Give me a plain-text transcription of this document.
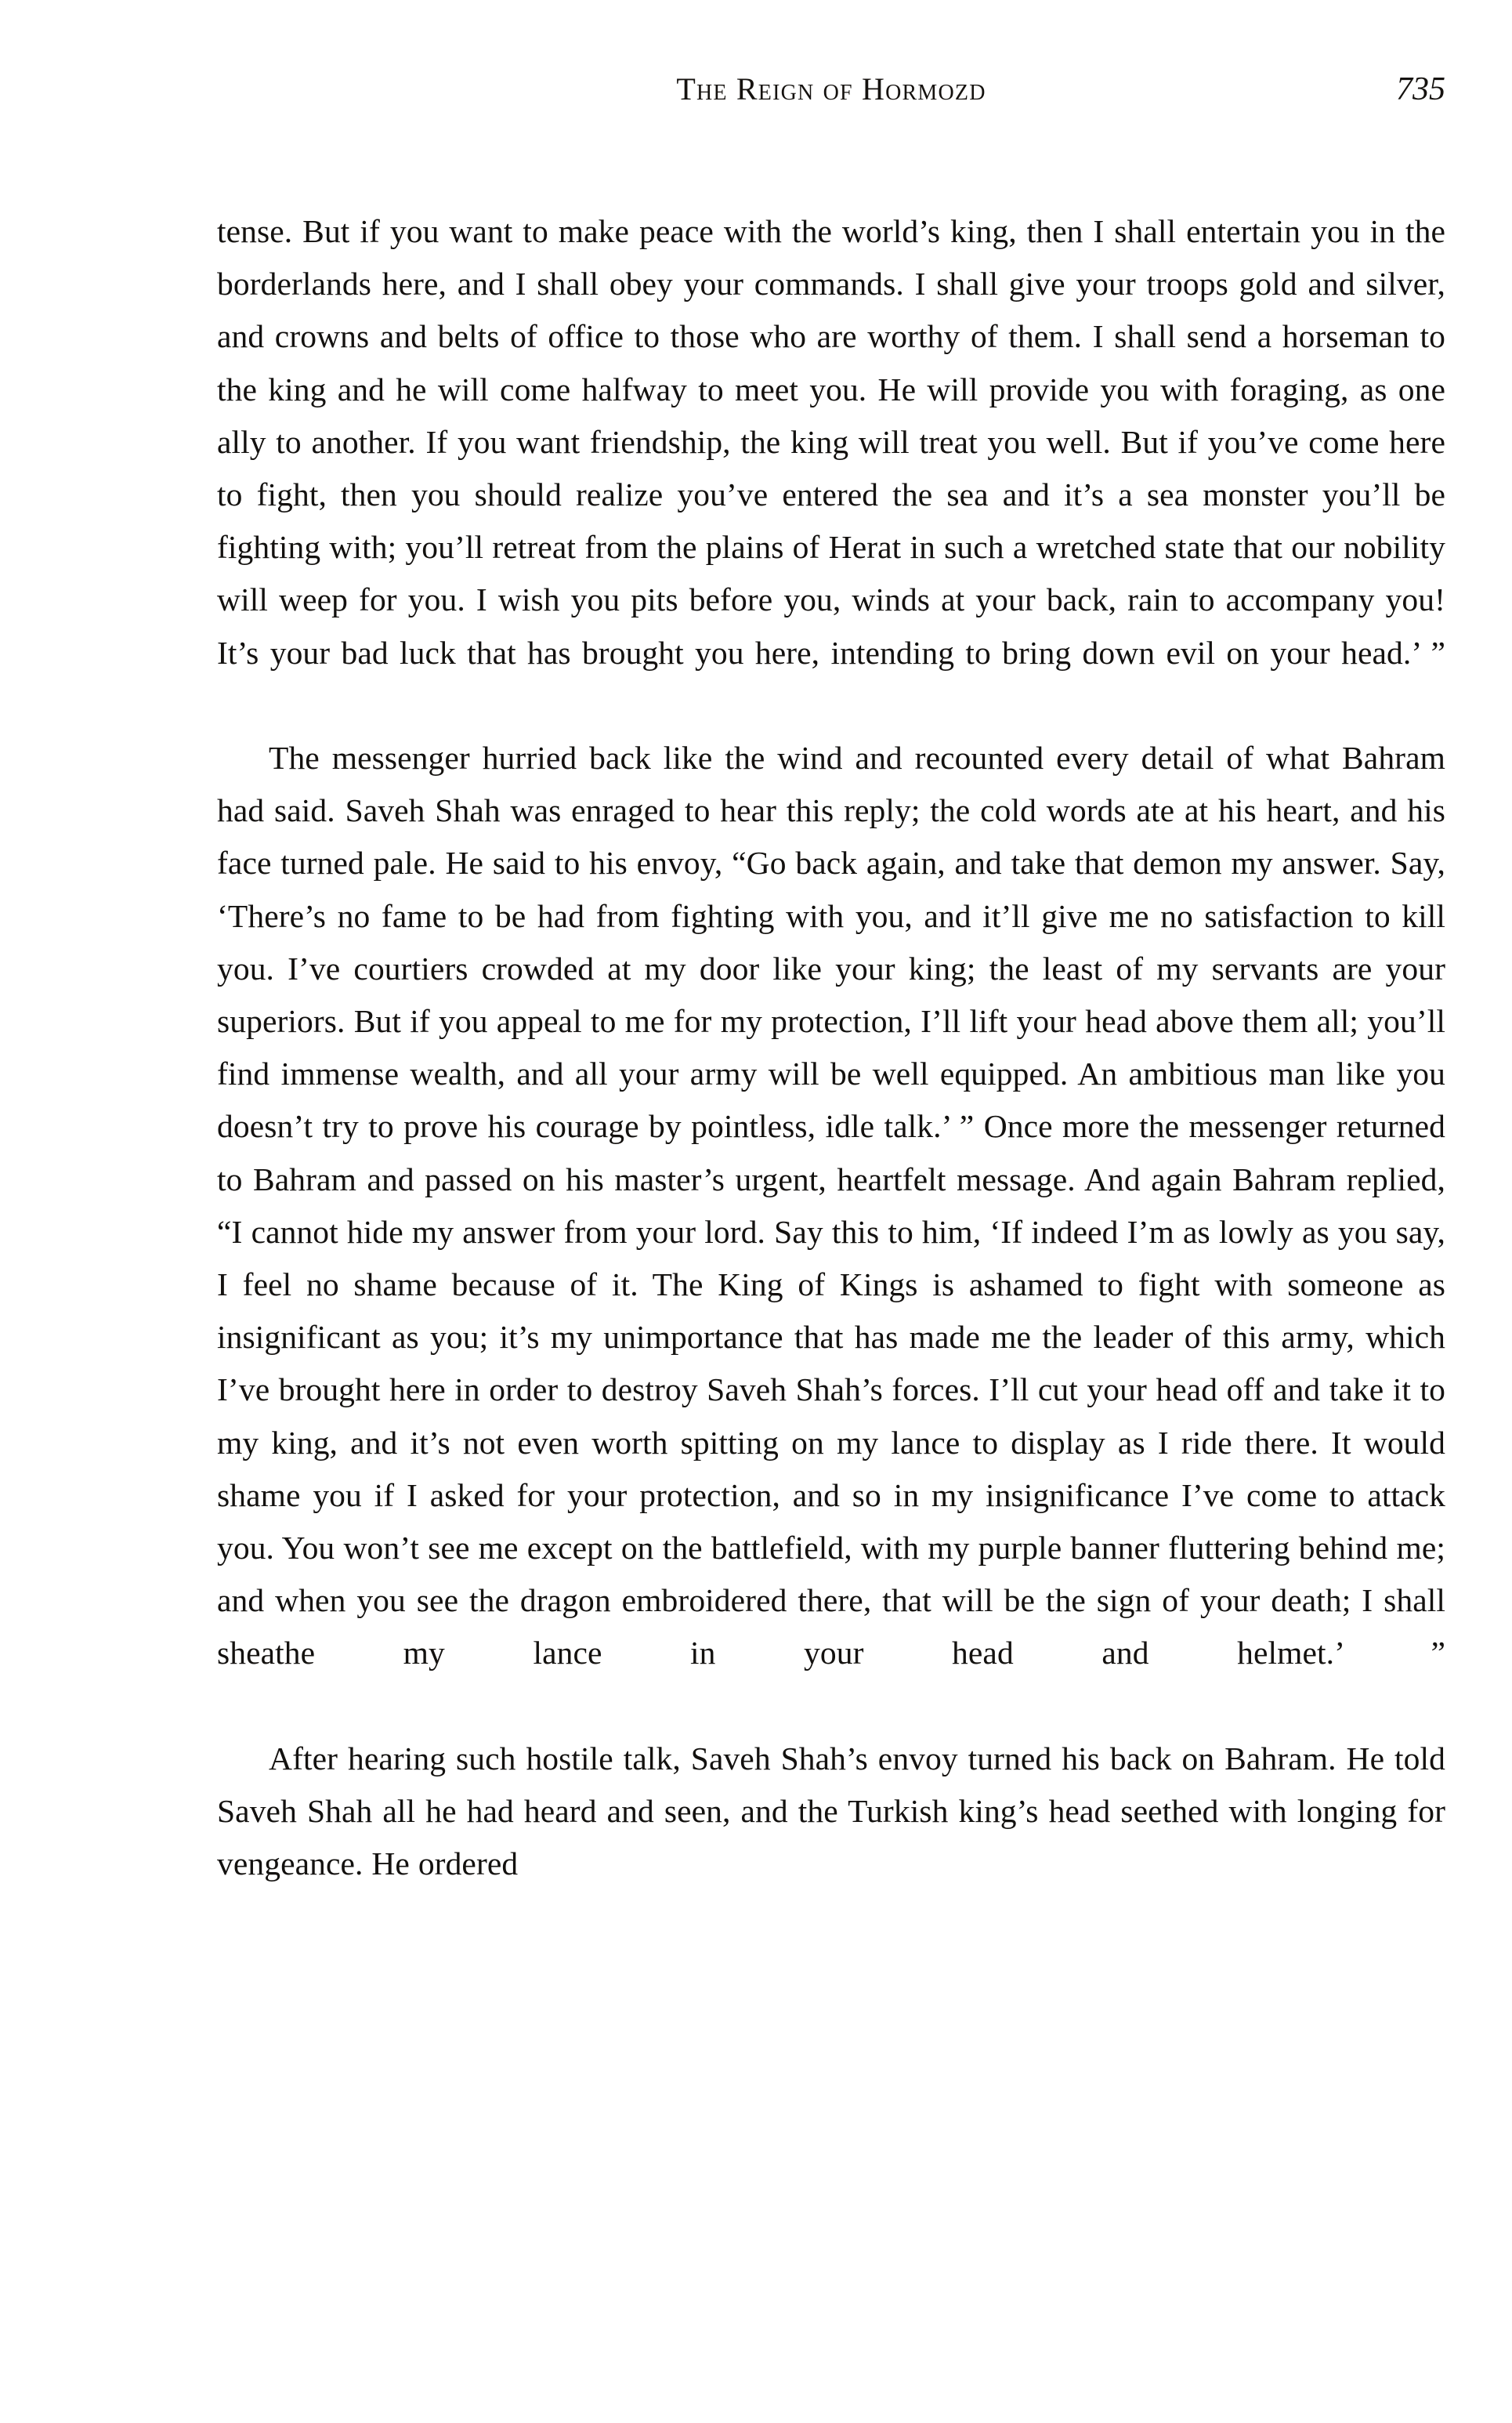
The Reign of Hormozd	735

tense. But if you want to make peace with the world’s king, then I shall entertain you in the borderlands here, and I shall obey your commands. I shall give your troops gold and silver, and crowns and belts of office to those who are worthy of them. I shall send a horseman to the king and he will come halfway to meet you. He will provide you with foraging, as one ally to another. If you want friendship, the king will treat you well. But if you’ve come here to fight, then you should realize you’ve entered the sea and it’s a sea monster you’ll be fighting with; you’ll retreat from the plains of Herat in such a wretched state that our nobility will weep for you. I wish you pits before you, winds at your back, rain to accompany you! It’s your bad luck that has brought you here, intending to bring down evil on your head.’ ”

The messenger hurried back like the wind and recounted every detail of what Bahram had said. Saveh Shah was enraged to hear this reply; the cold words ate at his heart, and his face turned pale. He said to his envoy, “Go back again, and take that demon my answer. Say, ‘There’s no fame to be had from fighting with you, and it’ll give me no satisfaction to kill you. I’ve courtiers crowded at my door like your king; the least of my servants are your superiors. But if you appeal to me for my protection, I’ll lift your head above them all; you’ll find immense wealth, and all your army will be well equipped. An ambitious man like you doesn’t try to prove his courage by pointless, idle talk.’ ” Once more the messenger returned to Bahram and passed on his master’s urgent, heartfelt message. And again Bahram replied, “I cannot hide my answer from your lord. Say this to him, ‘If indeed I’m as lowly as you say, I feel no shame because of it. The King of Kings is ashamed to fight with someone as insignificant as you; it’s my unimportance that has made me the leader of this army, which I’ve brought here in order to destroy Saveh Shah’s forces. I’ll cut your head off and take it to my king, and it’s not even worth spitting on my lance to display as I ride there. It would shame you if I asked for your protection, and so in my insignificance I’ve come to attack you. You won’t see me except on the battlefield, with my purple banner fluttering behind me; and when you see the dragon embroidered there, that will be the sign of your death; I shall sheathe my lance in your head and helmet.’ ”

After hearing such hostile talk, Saveh Shah’s envoy turned his back on Bahram. He told Saveh Shah all he had heard and seen, and the Turkish king’s head seethed with longing for vengeance. He ordered
